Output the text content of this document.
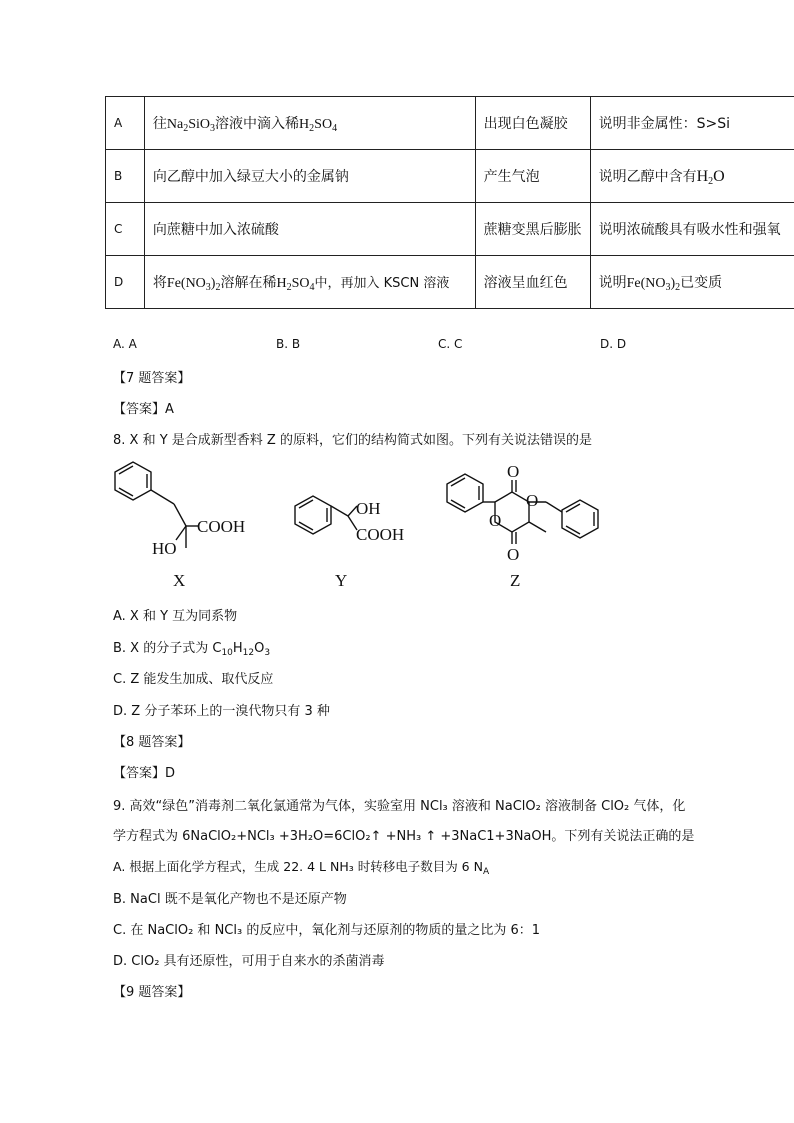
A	往$Na_2SiO_3$溶液中滴入稀$H_2SO_4$	出现白色凝胶	说明非金属性：S>Si
B	向乙醇中加入绿豆大小的金属钠	产生气泡	说明乙醇中含有H2O
C	向蔗糖中加入浓硫酸	蔗糖变黑后膨胀	说明浓硫酸具有吸水性和强氧
D	将$Fe(NO_3)_2$溶解在稀$H_2SO_4$中，再加入 KSCN 溶液	溶液呈血红色	说明$Fe(NO_3)_2$已变质
A. A	B. B	C. C	D. D
【7 题答案】
【答案】A
8. X 和 Y 是合成新型香料 Z 的原料，它们的结构简式如图。下列有关说法错误的是
COOH
HO
X
OH
COOH
Y
O
O
O
O
Z
A. X 和 Y 互为同系物
B. X 的分子式为 $C_{10}H_{12}O_3$
C. Z 能发生加成、取代反应
D. Z 分子苯环上的一溴代物只有 3 种
【8 题答案】
【答案】D
9. 高效“绿色”消毒剂二氧化氯通常为气体，实验室用 NCl₃ 溶液和 NaClO₂ 溶液制备 ClO₂ 气体，化
学方程式为 6NaClO₂+NCl₃ +3H₂O=6ClO₂↑ +NH₃ ↑ +3NaC1+3NaOH。下列有关说法正确的是
A. 根据上面化学方程式，生成 22. 4 L NH₃ 时转移电子数目为 6 $N_A$
B. NaCl 既不是氧化产物也不是还原产物
C. 在 NaClO₂ 和 NCl₃ 的反应中，氧化剂与还原剂的物质的量之比为 6：1
D. ClO₂ 具有还原性，可用于自来水的杀菌消毒
【9 题答案】
